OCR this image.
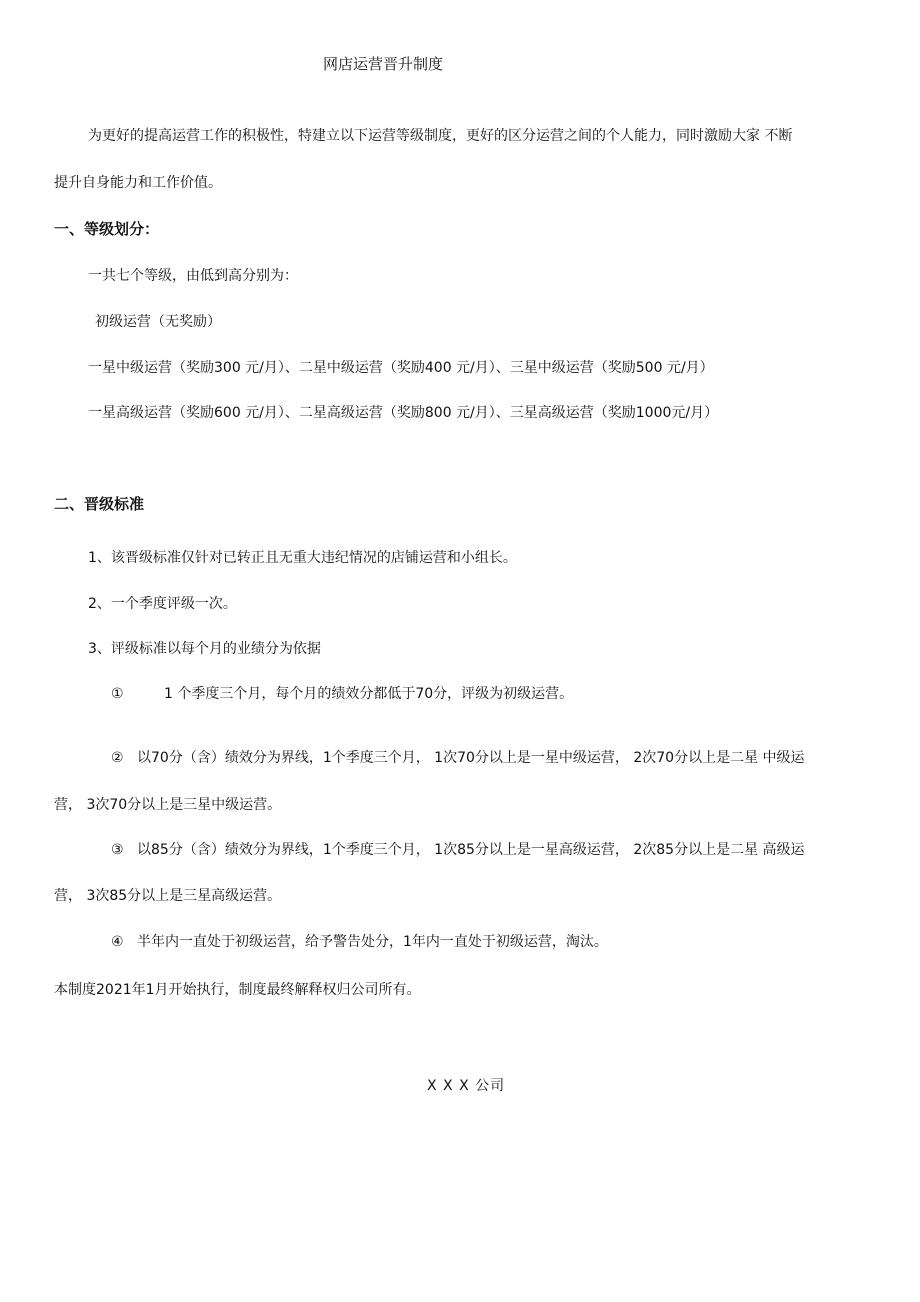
网店运营晋升制度
为更好的提高运营工作的积极性，特建立以下运营等级制度，更好的区分运营之间的个人能力，同时激励大家 不断
提升自身能力和工作价值。
一、等级划分：
一共七个等级，由低到高分别为：
初级运营（无奖励）
一星中级运营（奖励300 元/月）、二星中级运营（奖励400 元/月）、三星中级运营（奖励500 元/月）
一星高级运营（奖励600 元/月）、二星高级运营（奖励800 元/月）、三星高级运营（奖励1000元/月）
二、晋级标准
1、该晋级标准仅针对已转正且无重大违纪情况的店铺运营和小组长。
2、一个季度评级一次。
3、评级标准以每个月的业绩分为依据
①	1 个季度三个月，每个月的绩效分都低于70分，评级为初级运营。
② 以70分（含）绩效分为界线，1个季度三个月， 1次70分以上是一星中级运营， 2次70分以上是二星 中级运
营， 3次70分以上是三星中级运营。
③ 以85分（含）绩效分为界线，1个季度三个月， 1次85分以上是一星高级运营， 2次85分以上是二星 高级运
营， 3次85分以上是三星高级运营。
④ 半年内一直处于初级运营，给予警告处分，1年内一直处于初级运营，淘汰。
本制度2021年1月开始执行，制度最终解释权归公司所有。
X X X 公司
